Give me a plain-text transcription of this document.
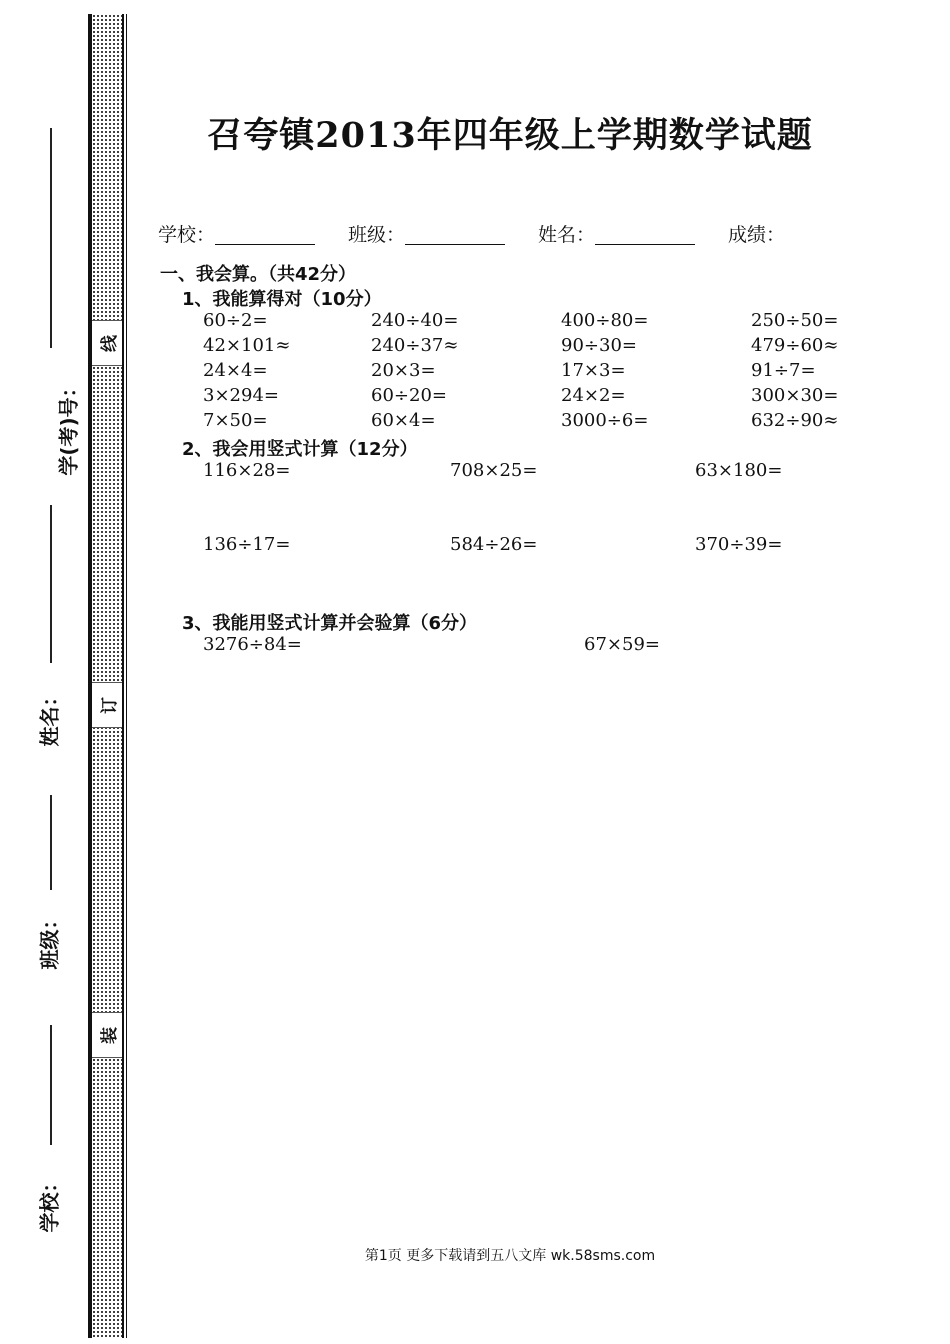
线
订
装
学(考)号：
姓名：
班级：
学校：
召夸镇2013年四年级上学期数学试题
学校：	班级：	姓名：	成绩：
一、我会算。（共42分）
1、我能算得对（10分）
60÷2=	240÷40=	400÷80=	250÷50=
42×101≈	240÷37≈	90÷30=	479÷60≈
24×4=	20×3=	17×3=	91÷7=
3×294=	60÷20=	24×2=	300×30=
7×50=	60×4=	3000÷6=	632÷90≈
2、我会用竖式计算（12分）
116×28=	708×25=	63×180=
136÷17=	584÷26=	370÷39=
3、我能用竖式计算并会验算（6分）
3276÷84=	67×59=
第1页 更多下载请到五八文库 wk.58sms.com
